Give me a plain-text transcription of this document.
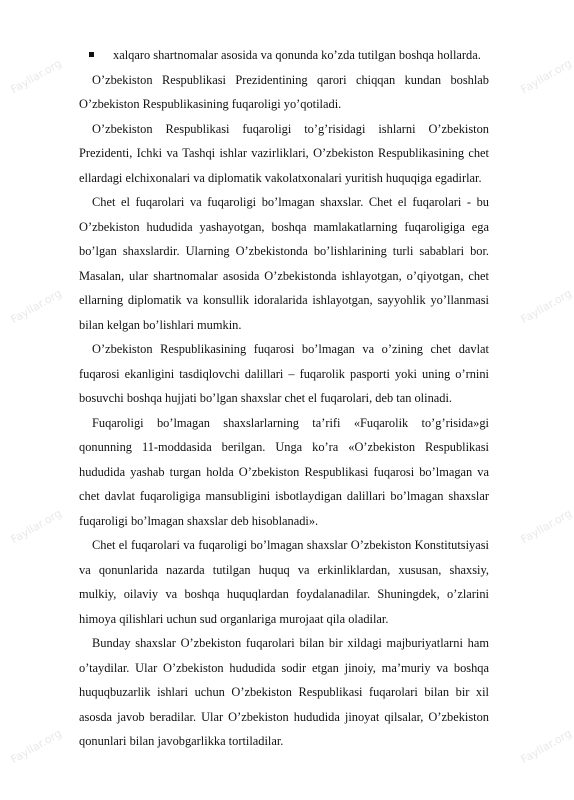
Fayllar.org	Fayllar.org
Fayllar.org	Fayllar.org
Fayllar.org	Fayllar.org
Fayllar.org	Fayllar.org

xalqaro shartnomalar asosida va qonunda ko’zda tutilgan boshqa hollarda.

O’zbekiston Respublikasi Prezidentining qarori chiqqan kundan boshlab O’zbekiston Respublikasining fuqaroligi yo’qotiladi.

O’zbekiston Respublikasi fuqaroligi to’g’risidagi ishlarni O’zbekiston Prezidenti, Ichki va Tashqi ishlar vazirliklari, O’zbekiston Respublikasining chet ellardagi elchixonalari va diplomatik vakolatxonalari yuritish huquqiga egadirlar.

Chet el fuqarolari va fuqaroligi bo’lmagan shaxslar. Chet el fuqarolari - bu O’zbekiston hududida yashayotgan, boshqa mamlakatlarning fuqaroligiga ega bo’lgan shaxslardir. Ularning O’zbekistonda bo’lishlarining turli sabablari bor. Masalan, ular shartnomalar asosida O’zbekistonda ishlayotgan, o’qiyotgan, chet ellarning diplomatik va konsullik idoralarida ishlayotgan, sayyohlik yo’llanmasi bilan kelgan bo’lishlari mumkin.

O’zbekiston Respublikasining fuqarosi bo’lmagan va o’zining chet davlat fuqarosi ekanligini tasdiqlovchi dalillari – fuqarolik pasporti yoki uning o’rnini bosuvchi boshqa hujjati bo’lgan shaxslar chet el fuqarolari, deb tan olinadi.

Fuqaroligi bo’lmagan shaxslarlarning ta’rifi «Fuqarolik to’g’risida»gi qonunning 11-moddasida berilgan. Unga ko’ra «O’zbekiston Respublikasi hududida yashab turgan holda O’zbekiston Respublikasi fuqarosi bo’lmagan va chet davlat fuqaroligiga mansubligini isbotlaydigan dalillari bo’lmagan shaxslar fuqaroligi bo’lmagan shaxslar deb hisoblanadi».

Chet el fuqarolari va fuqaroligi bo’lmagan shaxslar O’zbekiston Konstitutsiyasi va qonunlarida nazarda tutilgan huquq va erkinliklardan, xususan, shaxsiy, mulkiy, oilaviy va boshqa huquqlardan foydalanadilar. Shuningdek, o’zlarini himoya qilishlari uchun sud organlariga murojaat qila oladilar.

Bunday shaxslar O’zbekiston fuqarolari bilan bir xildagi majburiyatlarni ham o’taydilar. Ular O’zbekiston hududida sodir etgan jinoiy, ma’muriy va boshqa huquqbuzarlik ishlari uchun O’zbekiston Respublikasi fuqarolari bilan bir xil asosda javob beradilar. Ular O’zbekiston hududida jinoyat qilsalar, O’zbekiston qonunlari bilan javobgarlikka tortiladilar.
